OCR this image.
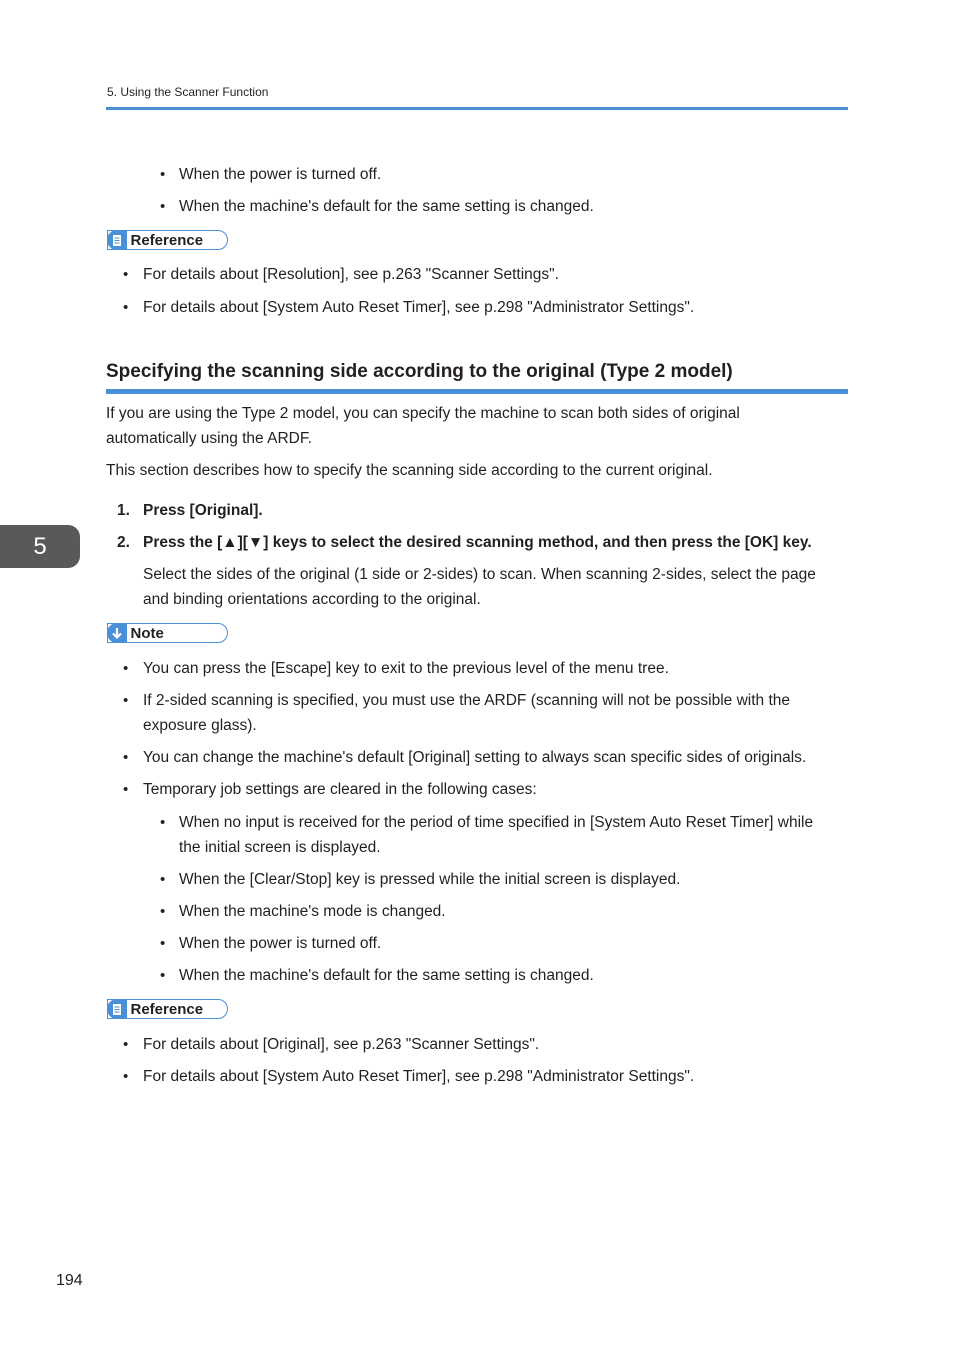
5. Using the Scanner Function
• When the power is turned off.
• When the machine's default for the same setting is changed.
Reference
• For details about [Resolution], see p.263 "Scanner Settings".
• For details about [System Auto Reset Timer], see p.298 "Administrator Settings".
Specifying the scanning side according to the original (Type 2 model)
If you are using the Type 2 model, you can specify the machine to scan both sides of original
automatically using the ARDF.
This section describes how to specify the scanning side according to the current original.
1. Press [Original].
2. Press the [▲][▼] keys to select the desired scanning method, and then press the [OK] key.
Select the sides of the original (1 side or 2-sides) to scan. When scanning 2-sides, select the page
and binding orientations according to the original.
Note
• You can press the [Escape] key to exit to the previous level of the menu tree.
• If 2-sided scanning is specified, you must use the ARDF (scanning will not be possible with the
exposure glass).
• You can change the machine's default [Original] setting to always scan specific sides of originals.
• Temporary job settings are cleared in the following cases:
• When no input is received for the period of time specified in [System Auto Reset Timer] while
the initial screen is displayed.
• When the [Clear/Stop] key is pressed while the initial screen is displayed.
• When the machine's mode is changed.
• When the power is turned off.
• When the machine's default for the same setting is changed.
Reference
• For details about [Original], see p.263 "Scanner Settings".
• For details about [System Auto Reset Timer], see p.298 "Administrator Settings".
5
194
